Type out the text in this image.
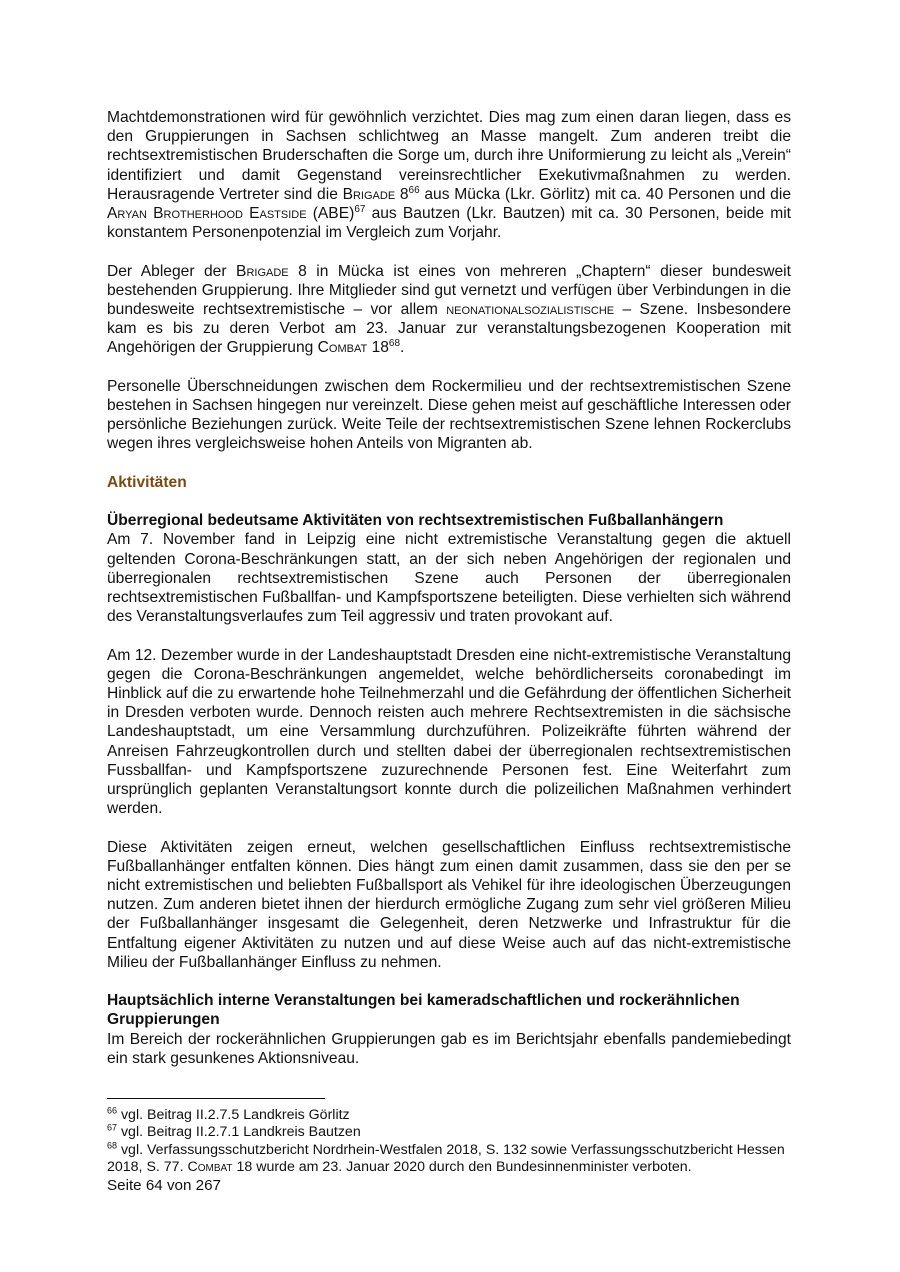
Machtdemonstrationen wird für gewöhnlich verzichtet. Dies mag zum einen daran liegen, dass es den Gruppierungen in Sachsen schlichtweg an Masse mangelt. Zum anderen treibt die rechtsextremistischen Bruderschaften die Sorge um, durch ihre Uniformierung zu leicht als „Verein“ identifiziert und damit Gegenstand vereinsrechtlicher Exekutivmaßnahmen zu werden. Herausragende Vertreter sind die Brigade $8^{66}$ aus Mücka (Lkr. Görlitz) mit ca. 40 Personen und die Aryan Brotherhood Eastside (ABE)$^{67}$ aus Bautzen (Lkr. Bautzen) mit ca. 30 Personen, beide mit konstantem Personenpotenzial im Vergleich zum Vorjahr.

Der Ableger der Brigade 8 in Mücka ist eines von mehreren „Chaptern“ dieser bundesweit bestehenden Gruppierung. Ihre Mitglieder sind gut vernetzt und verfügen über Verbindungen in die bundesweite rechtsextremistische – vor allem neonationalsozialistische – Szene. Insbesondere kam es bis zu deren Verbot am 23. Januar zur veranstaltungsbezogenen Kooperation mit Angehörigen der Gruppierung Combat $18^{68}$.

Personelle Überschneidungen zwischen dem Rockermilieu und der rechtsextremistischen Szene bestehen in Sachsen hingegen nur vereinzelt. Diese gehen meist auf geschäftliche Interessen oder persönliche Beziehungen zurück. Weite Teile der rechtsextremistischen Szene lehnen Rockerclubs wegen ihres vergleichsweise hohen Anteils von Migranten ab.

Aktivitäten
Überregional bedeutsame Aktivitäten von rechtsextremistischen Fußballanhängern

Am 7. November fand in Leipzig eine nicht extremistische Veranstaltung gegen die aktuell geltenden Corona-Beschränkungen statt, an der sich neben Angehörigen der regionalen und überregionalen rechtsextremistischen Szene auch Personen der überregionalen rechtsextremistischen Fußballfan- und Kampfsportszene beteiligten. Diese verhielten sich während des Veranstaltungsverlaufes zum Teil aggressiv und traten provokant auf.

Am 12. Dezember wurde in der Landeshauptstadt Dresden eine nicht-extremistische Veranstaltung gegen die Corona-Beschränkungen angemeldet, welche behördlicherseits coronabedingt im Hinblick auf die zu erwartende hohe Teilnehmerzahl und die Gefährdung der öffentlichen Sicherheit in Dresden verboten wurde. Dennoch reisten auch mehrere Rechtsextremisten in die sächsische Landeshauptstadt, um eine Versammlung durchzuführen. Polizeikräfte führten während der Anreisen Fahrzeugkontrollen durch und stellten dabei der überregionalen rechtsextremistischen Fussballfan- und Kampfsportszene zuzurechnende Personen fest. Eine Weiterfahrt zum ursprünglich geplanten Veranstaltungsort konnte durch die polizeilichen Maßnahmen verhindert werden.

Diese Aktivitäten zeigen erneut, welchen gesellschaftlichen Einfluss rechtsextremistische Fußballanhänger entfalten können. Dies hängt zum einen damit zusammen, dass sie den per se nicht extremistischen und beliebten Fußballsport als Vehikel für ihre ideologischen Überzeugungen nutzen. Zum anderen bietet ihnen der hierdurch ermögliche Zugang zum sehr viel größeren Milieu der Fußballanhänger insgesamt die Gelegenheit, deren Netzwerke und Infrastruktur für die Entfaltung eigener Aktivitäten zu nutzen und auf diese Weise auch auf das nicht-extremistische Milieu der Fußballanhänger Einfluss zu nehmen.

Hauptsächlich interne Veranstaltungen bei kameradschaftlichen und rockerähnlichen Gruppierungen

Im Bereich der rockerähnlichen Gruppierungen gab es im Berichtsjahr ebenfalls pandemiebedingt ein stark gesunkenes Aktionsniveau.

$^{66}$ vgl. Beitrag II.2.7.5 Landkreis Görlitz

$^{67}$ vgl. Beitrag II.2.7.1 Landkreis Bautzen

$^{68}$ vgl. Verfassungsschutzbericht Nordrhein-Westfalen 2018, S. 132 sowie Verfassungsschutzbericht Hessen 2018, S. 77. Combat 18 wurde am 23. Januar 2020 durch den Bundesinnenminister verboten.

Seite 64 von 267
